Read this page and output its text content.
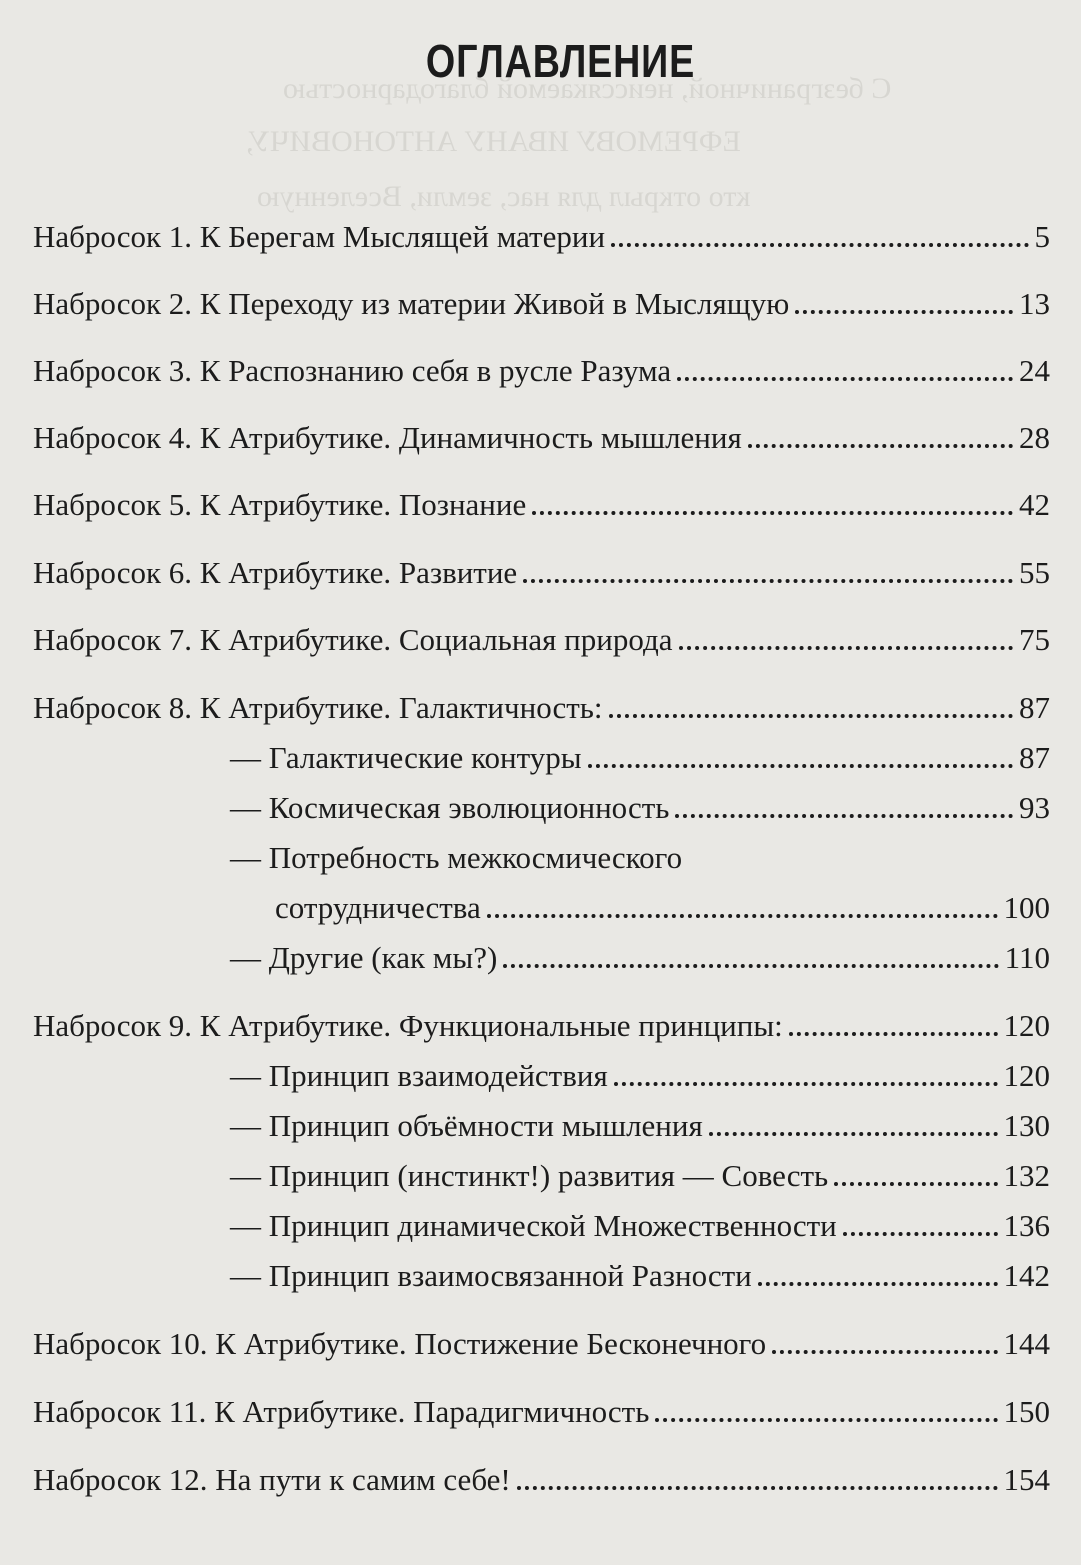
С безграничной, неиссякаемой благодарностью
ЕФРЕМОВУ ИВАНУ АНТОНОВИЧУ,
кто открыл для нас, земли, Вселенную
ОГЛАВЛЕНИЕ
Набросок 1. К Берегам Мыслящей материи	5
Набросок 2. К Переходу из материи Живой в Мыслящую	13
Набросок 3. К Распознанию себя в русле Разума	24
Набросок 4. К Атрибутике. Динамичность мышления	28
Набросок 5. К Атрибутике. Познание	42
Набросок 6. К Атрибутике. Развитие	55
Набросок 7. К Атрибутике. Социальная природа	75
Набросок 8. К Атрибутике. Галактичность:	87
— Галактические контуры	87
— Космическая эволюционность	93
— Потребность межкосмического
сотрудничества	100
— Другие (как мы?)	110
Набросок 9. К Атрибутике. Функциональные принципы:	120
— Принцип взаимодействия	120
— Принцип объёмности мышления	130
— Принцип (инстинкт!) развития — Совесть	132
— Принцип динамической Множественности	136
— Принцип взаимосвязанной Разности	142
Набросок 10. К Атрибутике. Постижение Бесконечного	144
Набросок 11. К Атрибутике. Парадигмичность	150
Набросок 12. На пути к самим себе!	154
